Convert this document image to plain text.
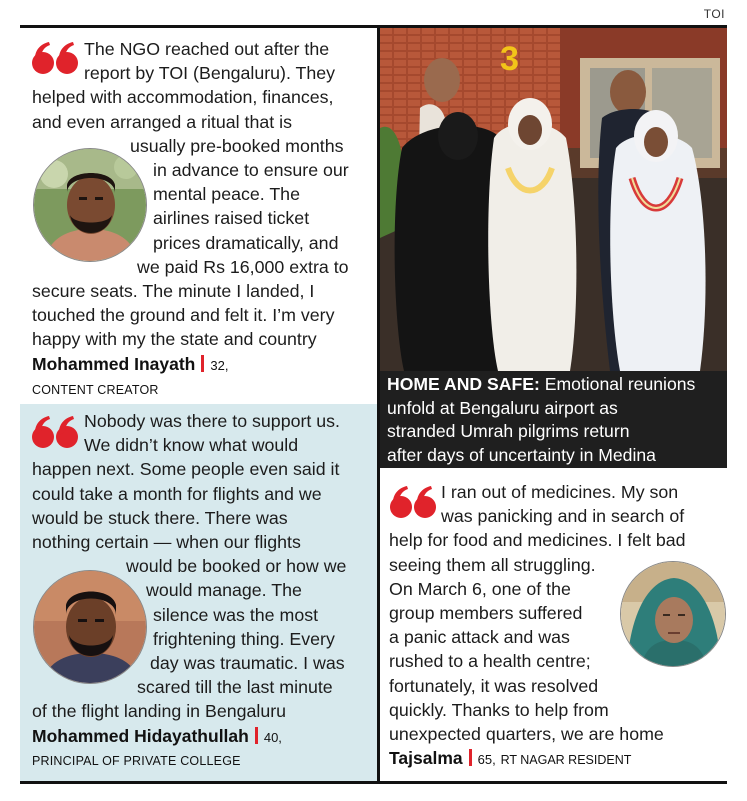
TOI
The NGO reached out after the
report by TOI (Bengaluru). They
helped with accommodation, finances,
and even arranged a ritual that is
usually pre-booked months
in advance to ensure our
mental peace. The
airlines raised ticket
prices dramatically, and
we paid Rs 16,000 extra to
secure seats. The minute I landed, I
touched the ground and felt it. I’m very
happy with my the state and country
Mohammed Inayath 32,
CONTENT CREATOR
Nobody was there to support us.
We didn’t know what would
happen next. Some people even said it
could take a month for flights and we
would be stuck there. There was
nothing certain — when our flights
would be booked or how we
would manage. The
silence was the most
frightening thing. Every
day was traumatic. I was
scared till the last minute
of the flight landing in Bengaluru
Mohammed Hidayathullah 40,
PRINCIPAL OF PRIVATE COLLEGE
3
HOME AND SAFE: Emotional reunions
unfold at Bengaluru airport as
stranded Umrah pilgrims return
after days of uncertainty in Medina
I ran out of medicines. My son
was panicking and in search of
help for food and medicines. I felt bad
seeing them all struggling.
On March 6, one of the
group members suffered
a panic attack and was
rushed to a health centre;
fortunately, it was resolved
quickly. Thanks to help from
unexpected quarters, we are home
Tajsalma 65, RT NAGAR RESIDENT
